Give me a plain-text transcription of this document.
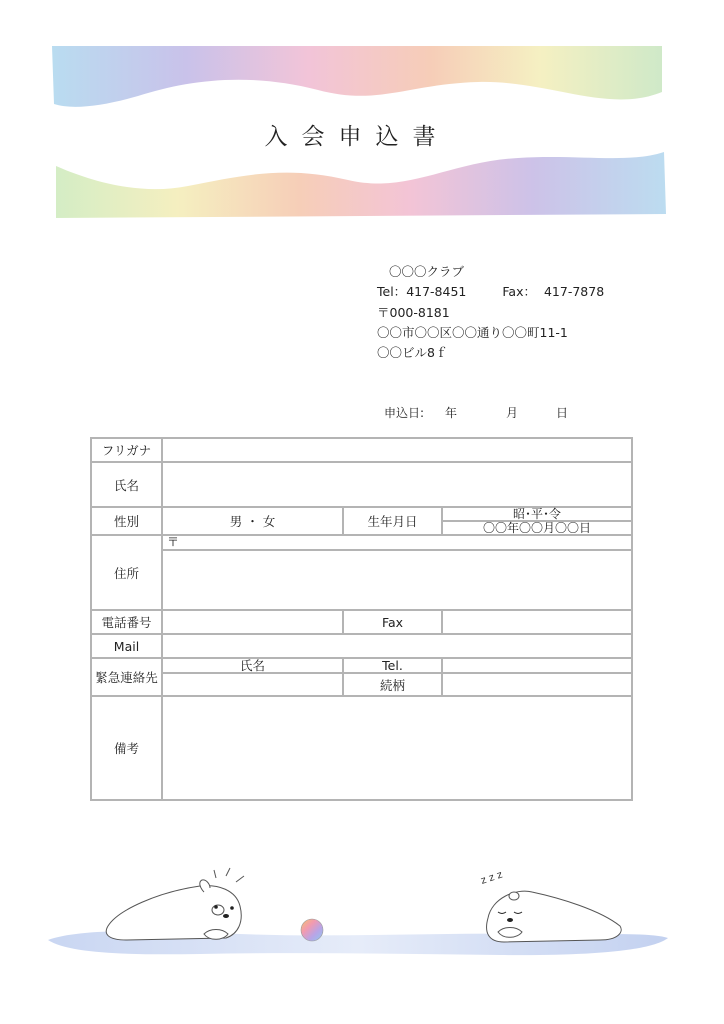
入会申込書
〇〇〇クラブ
Tel：417-8451	Fax： 417-7878
〒000-8181
〇〇市〇〇区〇〇通り〇〇町11-1
〇〇ビル8ｆ
申込日: 年	月	日
フリガナ			
氏名			
性別	男 ・ 女	生年月日	昭･平･令
			〇〇年〇〇月〇〇日
住所	〒		

電話番号		Fax	
Mail			
緊急連絡先	氏名	Tel.	
		続柄	

備考			
z z z
